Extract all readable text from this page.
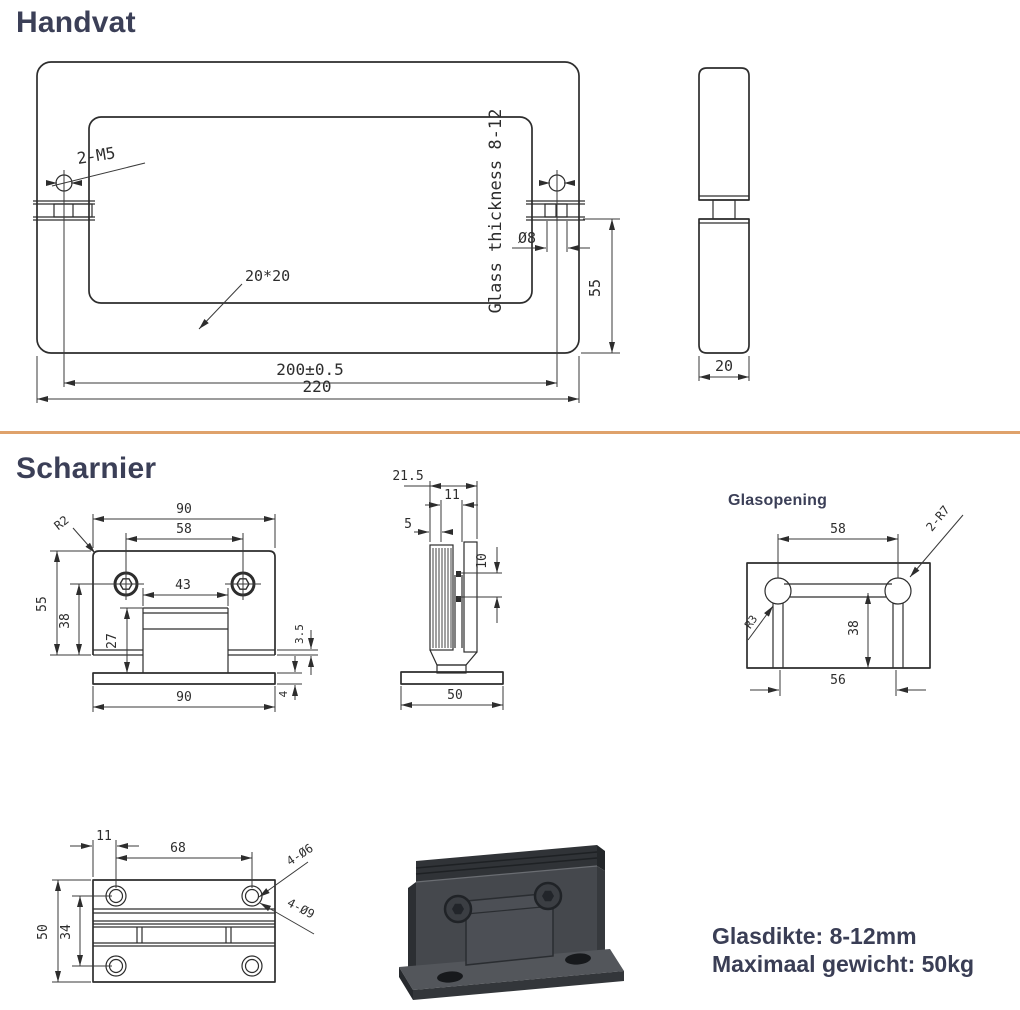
2-M5	Glass thickness 8-12
20*20
Ø8
55
200±0.5
220
20
90
58
43
R2
55
38
27
90
3.5
4
21.5
11
5
10
50
58	2-R7
R3	38
56
11
68
50 34
4-Ø6
4-Ø9
Handvat
Scharnier
Glasopening
Glasdikte: 8-12mm
Maximaal gewicht: 50kg
